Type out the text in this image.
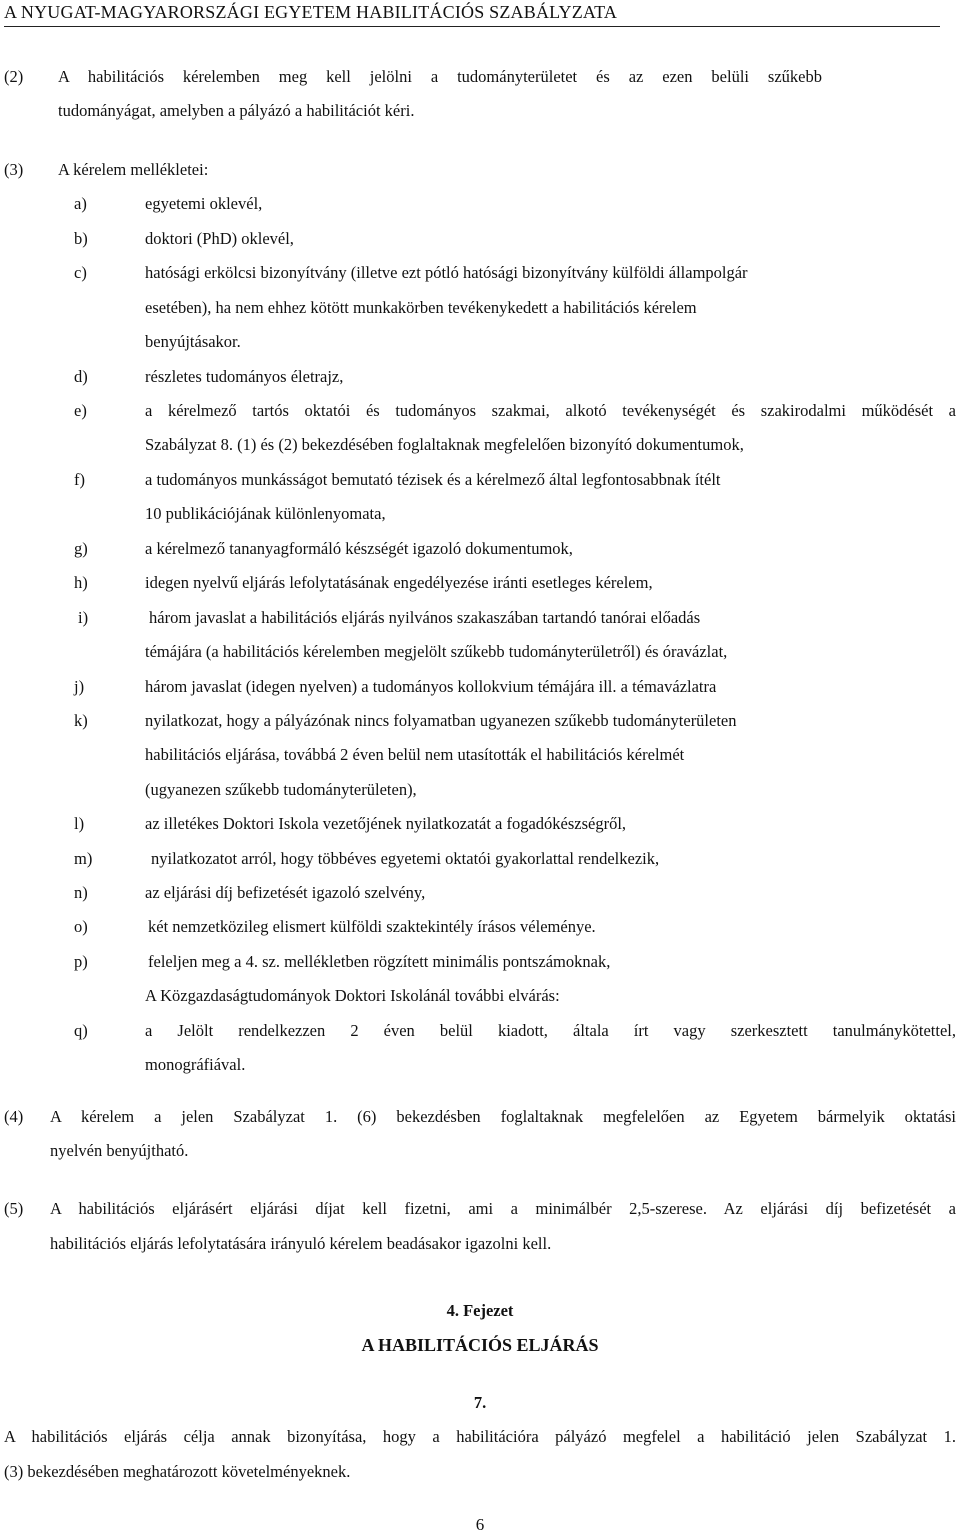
A NYUGAT-MAGYARORSZÁGI EGYETEM HABILITÁCIÓS SZABÁLYZATA
(2) A habilitációs kérelemben meg kell jelölni a tudományterületet és az ezen belüli szűkebb
tudományágat, amelyben a pályázó a habilitációt kéri.
(3) A kérelem mellékletei:
a)	egyetemi oklevél,
b)	doktori (PhD) oklevél,
c)	hatósági erkölcsi bizonyítvány (illetve ezt pótló hatósági bizonyítvány külföldi állampolgár
esetében), ha nem ehhez kötött munkakörben tevékenykedett a habilitációs kérelem
benyújtásakor.
d)	részletes tudományos életrajz,
e)	a kérelmező tartós oktatói és tudományos szakmai, alkotó tevékenységét és szakirodalmi működését a
Szabályzat 8. (1) és (2) bekezdésében foglaltaknak megfelelően bizonyító dokumentumok,
f)	a tudományos munkásságot bemutató tézisek és a kérelmező által legfontosabbnak ítélt
10 publikációjának különlenyomata,
g)	a kérelmező tananyagformáló készségét igazoló dokumentumok,
h)	idegen nyelvű eljárás lefolytatásának engedélyezése iránti esetleges kérelem,
i)	három javaslat a habilitációs eljárás nyilvános szakaszában tartandó tanórai előadás
témájára (a habilitációs kérelemben megjelölt szűkebb tudományterületről) és óravázlat,
j)	három javaslat (idegen nyelven) a tudományos kollokvium témájára ill. a témavázlatra
k)	nyilatkozat, hogy a pályázónak nincs folyamatban ugyanezen szűkebb tudományterületen
habilitációs eljárása, továbbá 2 éven belül nem utasították el habilitációs kérelmét
(ugyanezen szűkebb tudományterületen),
l)	az illetékes Doktori Iskola vezetőjének nyilatkozatát a fogadókészségről,
m)	nyilatkozatot arról, hogy többéves egyetemi oktatói gyakorlattal rendelkezik,
n)	az eljárási díj befizetését igazoló szelvény,
o)	két nemzetközileg elismert külföldi szaktekintély írásos véleménye.
p)	feleljen meg a 4. sz. mellékletben rögzített minimális pontszámoknak,
A Közgazdaságtudományok Doktori Iskolánál további elvárás:
q)	a Jelölt rendelkezzen 2 éven belül kiadott, általa írt vagy szerkesztett tanulmánykötettel,
monográfiával.
(4) A kérelem a jelen Szabályzat 1. (6) bekezdésben foglaltaknak megfelelően az Egyetem bármelyik oktatási
nyelvén benyújtható.
(5) A habilitációs eljárásért eljárási díjat kell fizetni, ami a minimálbér 2,5-szerese. Az eljárási díj befizetését a
habilitációs eljárás lefolytatására irányuló kérelem beadásakor igazolni kell.
4. Fejezet
A HABILITÁCIÓS ELJÁRÁS
7.
A habilitációs eljárás célja annak bizonyítása, hogy a habilitációra pályázó megfelel a habilitáció jelen Szabályzat 1.
(3) bekezdésében meghatározott követelményeknek.
6
